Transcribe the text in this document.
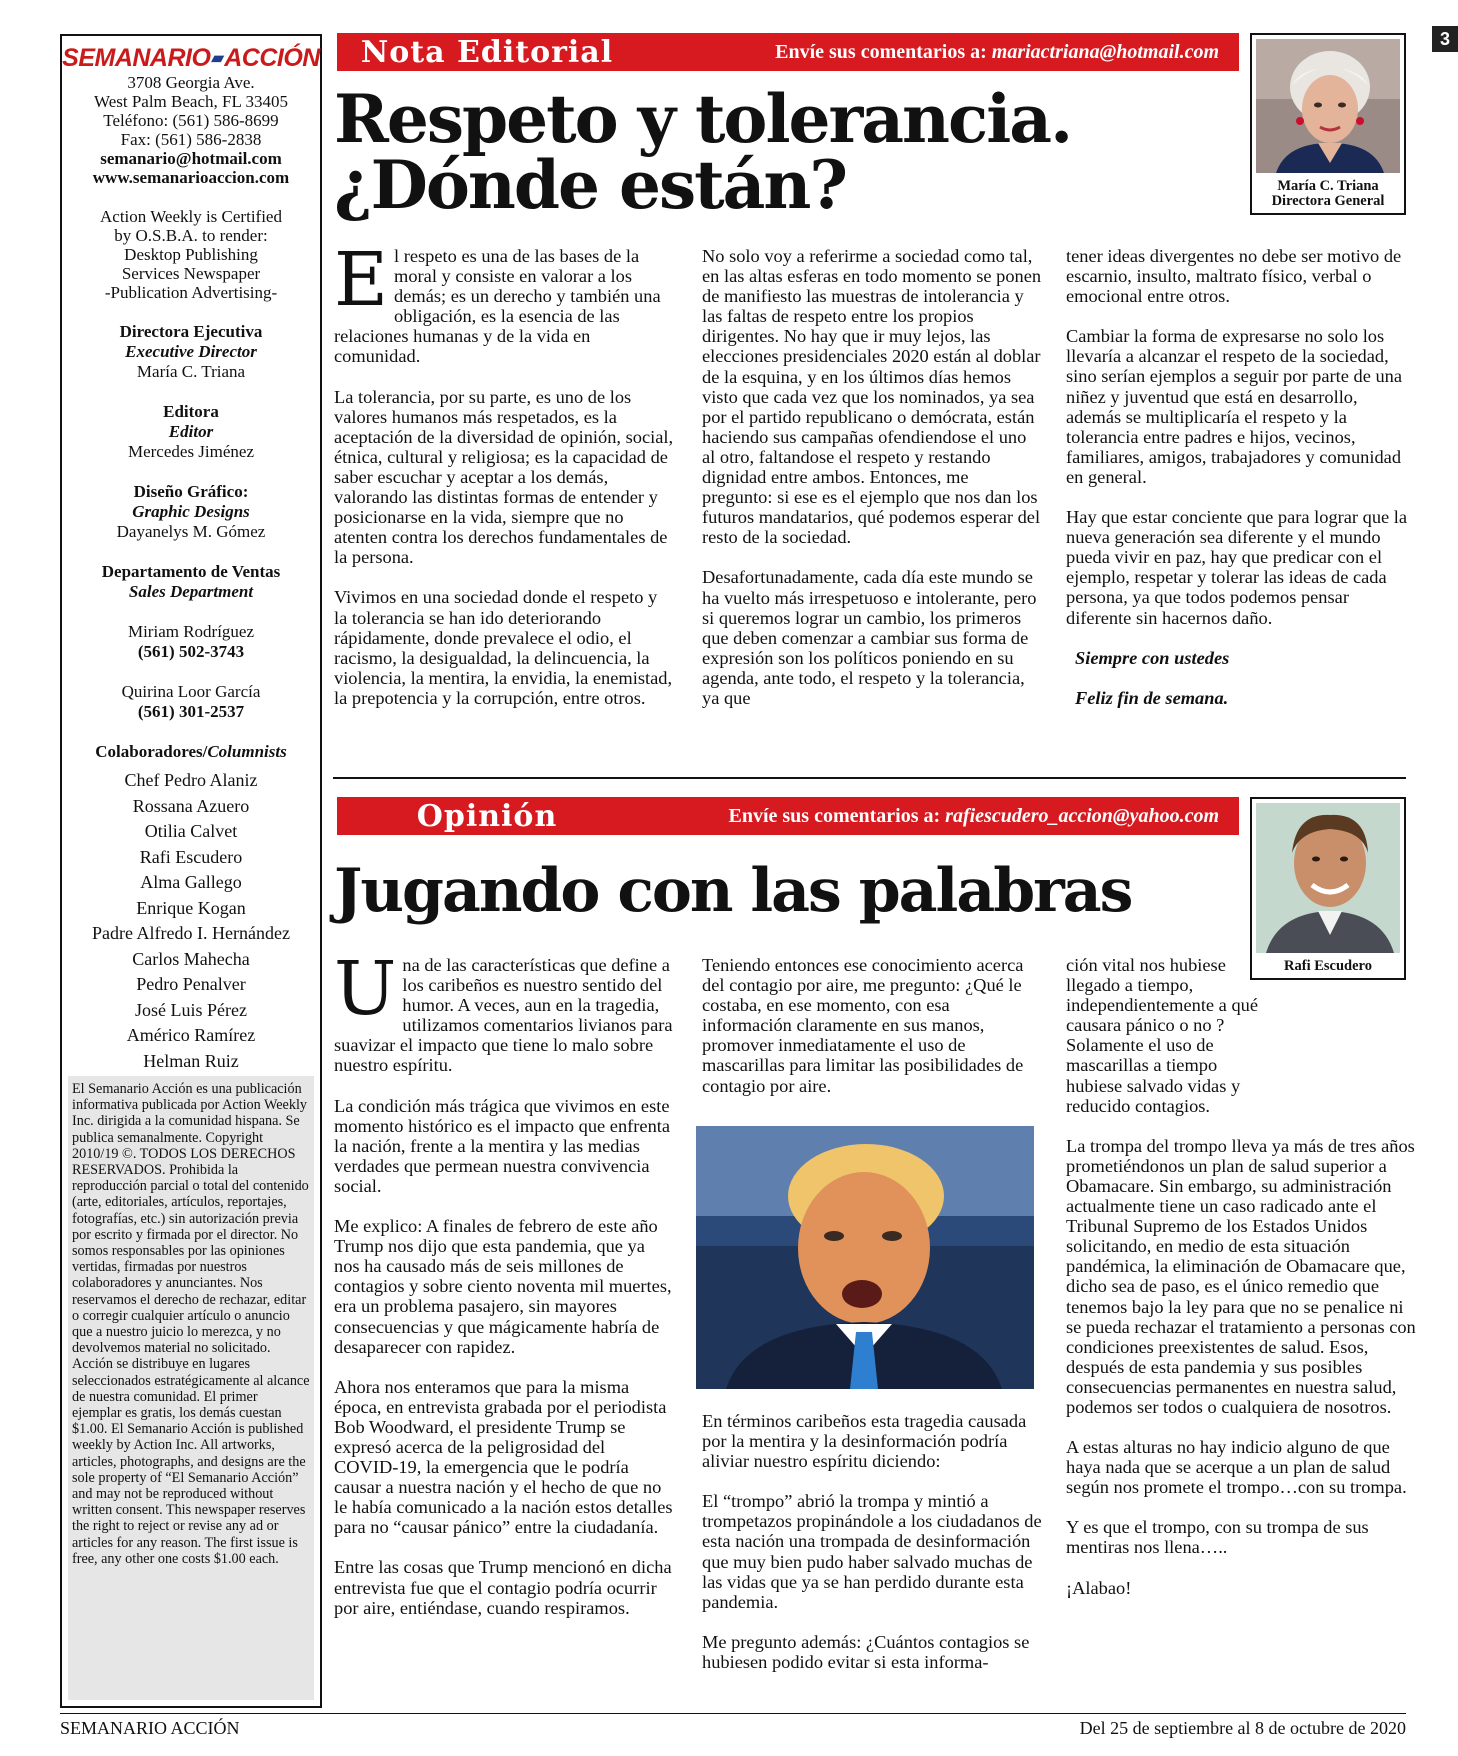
3
SEMANARIO▰ACCIÓN
3708 Georgia Ave.
West Palm Beach, FL 33405
Teléfono: (561) 586-8699
Fax: (561) 586-2838
semanario@hotmail.com
www.semanarioaccion.com
Action Weekly is Certified
by O.S.B.A. to render:
Desktop Publishing
Services Newspaper
-Publication Advertising-
Directora Ejecutiva
Executive Director
María C. Triana
Editora
Editor
Mercedes Jiménez
Diseño Gráfico:
Graphic Designs
Dayanelys M. Gómez
Departamento de Ventas
Sales Department
Miriam Rodríguez
(561) 502-3743
Quirina Loor García
(561) 301-2537
Colaboradores/Columnists
Chef Pedro Alaniz
Rossana Azuero
Otilia Calvet
Rafi Escudero
Alma Gallego
Enrique Kogan
Padre Alfredo I. Hernández
Carlos Mahecha
Pedro Penalver
José Luis Pérez
Américo Ramírez
Helman Ruiz
El Semanario Acción es una publicación informativa publicada por Action Weekly Inc. dirigida a la comunidad hispana. Se publica semanalmente. Copyright 2010/19 ©. TODOS LOS DERECHOS RESERVADOS. Prohibida la reproducción parcial o total del contenido (arte, editoriales, artículos, reportajes, fotografías, etc.) sin autorización previa por escrito y firmada por el director. No somos responsables por las opiniones vertidas, firmadas por nuestros colaboradores y anunciantes. Nos reservamos el derecho de rechazar, editar o corregir cualquier artículo o anuncio que a nuestro juicio lo merezca, y no devolvemos material no solicitado. Acción se distribuye en lugares seleccionados estratégicamente al alcance de nuestra comunidad. El primer ejemplar es gratis, los demás cuestan $1.00. El Semanario Acción is published weekly by Action Inc. All artworks, articles, photographs, and designs are the sole property of “El Semanario Acción” and may not be reproduced without written consent. This newspaper reserves the right to reject or revise any ad or articles for any reason. The first issue is free, any other one costs $1.00 each.
Nota Editorial	Envíe sus comentarios a: mariactriana@hotmail.com
Respeto y tolerancia.
¿Dónde están?	María C. Triana
Directora General

El respeto es una de las bases de la moral y consiste en valorar a los demás; es un derecho y también una obligación, es la esencia de las relaciones humanas y de la vida en comunidad.

La tolerancia, por su parte, es uno de los valores humanos más respetados, es la aceptación de la diversidad de opinión, social, étnica, cultural y religiosa; es la capacidad de saber escuchar y aceptar a los demás, valorando las distintas formas de entender y posicionarse en la vida, siempre que no atenten contra los derechos fundamentales de la persona.

Vivimos en una sociedad donde el respeto y la tolerancia se han ido deteriorando rápidamente, donde prevalece el odio, el racismo, la desigualdad, la delincuencia, la violencia, la mentira, la envidia, la enemistad, la prepotencia y la corrupción, entre otros.

No solo voy a referirme a sociedad como tal, en las altas esferas en todo momento se ponen de manifiesto las muestras de intolerancia y las faltas de respeto entre los propios dirigentes. No hay que ir muy lejos, las elecciones presidenciales 2020 están al doblar de la esquina, y en los últimos días hemos visto que cada vez que los nominados, ya sea por el partido republicano o demócrata, están haciendo sus campañas ofendiendose el uno al otro, faltandose el respeto y restando dignidad entre ambos. Entonces, me pregunto: si ese es el ejemplo que nos dan los futuros mandatarios, qué podemos esperar del resto de la sociedad.

Desafortunadamente, cada día este mundo se ha vuelto más irrespetuoso e intolerante, pero si queremos lograr un cambio, los primeros que deben comenzar a cambiar sus forma de expresión son los políticos poniendo en su agenda, ante todo, el respeto y la tolerancia, ya que

tener ideas divergentes no debe ser motivo de escarnio, insulto, maltrato físico, verbal o emocional entre otros.

Cambiar la forma de expresarse no solo los llevaría a alcanzar el respeto de la sociedad, sino serían ejemplos a seguir por parte de una niñez y juventud que está en desarrollo, además se multiplicaría el respeto y la tolerancia entre padres e hijos, vecinos, familiares, amigos, trabajadores y comunidad en general.

Hay que estar conciente que para lograr que la nueva generación sea diferente y el mundo pueda vivir en paz, hay que predicar con el ejemplo, respetar y tolerar las ideas de cada persona, ya que todos podemos pensar diferente sin hacernos daño.

Siempre con ustedes

Feliz fin de semana.

Opinión	Envíe sus comentarios a: rafiescudero_accion@yahoo.com
Jugando con las palabras
Rafi Escudero

Una de las características que define a los caribeños es nuestro sentido del humor. A veces, aun en la tragedia, utilizamos comentarios livianos para suavizar el impacto que tiene lo malo sobre nuestro espíritu.

La condición más trágica que vivimos en este momento histórico es el impacto que enfrenta la nación, frente a la mentira y las medias verdades que permean nuestra convivencia social.

Me explico: A finales de febrero de este año Trump nos dijo que esta pandemia, que ya nos ha causado más de seis millones de contagios y sobre ciento noventa mil muertes, era un problema pasajero, sin mayores consecuencias y que mágicamente habría de desaparecer con rapidez.

Ahora nos enteramos que para la misma época, en entrevista grabada por el periodista Bob Woodward, el presidente Trump se expresó acerca de la peligrosidad del COVID-19, la emergencia que le podría causar a nuestra nación y el hecho de que no le había comunicado a la nación estos detalles para no “causar pánico” entre la ciudadanía.

Entre las cosas que Trump mencionó en dicha entrevista fue que el contagio podría ocurrir por aire, entiéndase, cuando respiramos.

Teniendo entonces ese conocimiento acerca del contagio por aire, me pregunto: ¿Qué le costaba, en ese momento, con esa información claramente en sus manos, promover inmediatamente el uso de mascarillas para limitar las posibilidades de contagio por aire.

En términos caribeños esta tragedia causada por la mentira y la desinformación podría aliviar nuestro espíritu diciendo:

El “trompo” abrió la trompa y mintió a trompetazos propinándole a los ciudadanos de esta nación una trompada de desinformación que muy bien pudo haber salvado muchas de las vidas que ya se han perdido durante esta pandemia.

Me pregunto además: ¿Cuántos contagios se hubiesen podido evitar si esta informa-

ción vital nos hubiese llegado a tiempo, independientemente a qué causara pánico o no ? Solamente el uso de mascarillas a tiempo hubiese salvado vidas y reducido contagios.

La trompa del trompo lleva ya más de tres años prometiéndonos un plan de salud superior a Obamacare. Sin embargo, su administración actualmente tiene un caso radicado ante el Tribunal Supremo de los Estados Unidos solicitando, en medio de esta situación pandémica, la eliminación de Obamacare que, dicho sea de paso, es el único remedio que tenemos bajo la ley para que no se penalice ni se pueda rechazar el tratamiento a personas con condiciones preexistentes de salud. Esos, después de esta pandemia y sus posibles consecuencias permanentes en nuestra salud, podemos ser todos o cualquiera de nosotros.

A estas alturas no hay indicio alguno de que haya nada que se acerque a un plan de salud según nos promete el trompo…con su trompa.

Y es que el trompo, con su trompa de sus mentiras nos llena…..

¡Alabao!

SEMANARIO ACCIÓN	Del 25 de septiembre al 8 de octubre de 2020
